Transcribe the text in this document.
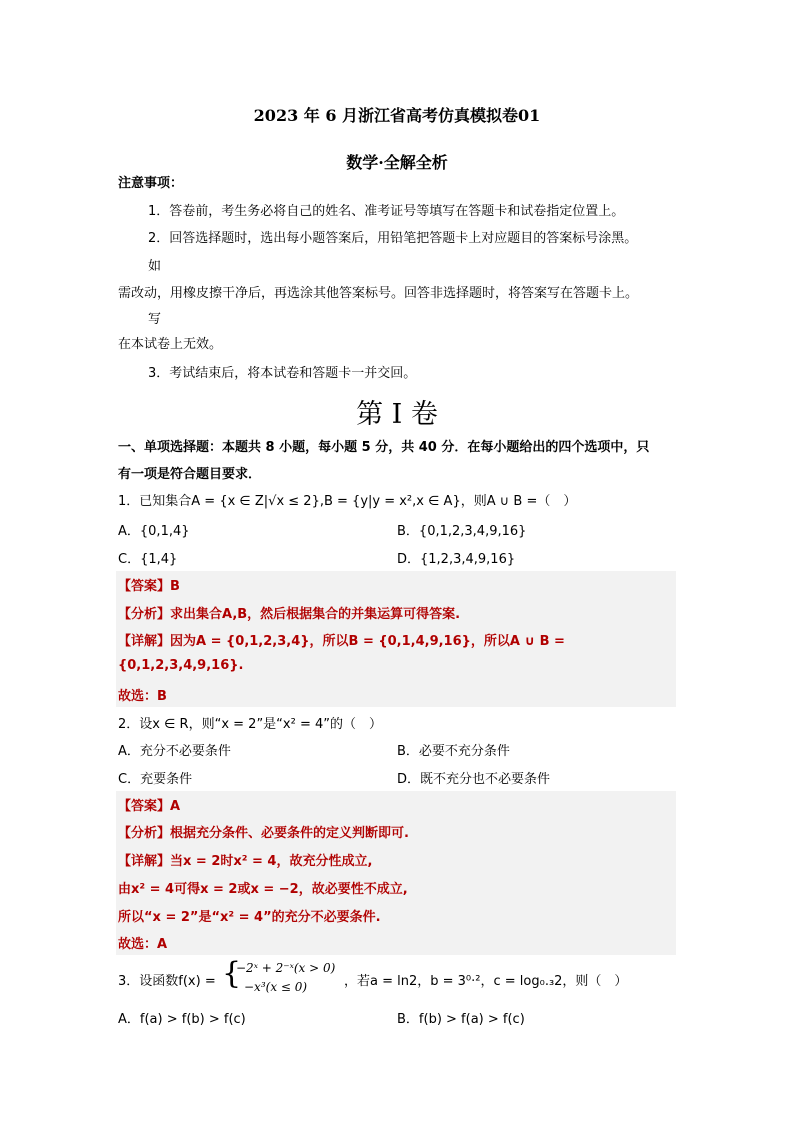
2023 年 6 月浙江省高考仿真模拟卷01
数学·全解全析
注意事项：
1．答卷前，考生务必将自己的姓名、准考证号等填写在答题卡和试卷指定位置上。
2．回答选择题时，选出每小题答案后，用铅笔把答题卡上对应题目的答案标号涂黑。
如
需改动，用橡皮擦干净后，再选涂其他答案标号。回答非选择题时，将答案写在答题卡上。
写
在本试卷上无效。
3．考试结束后，将本试卷和答题卡一并交回。
第 I 卷
一、单项选择题：本题共 8 小题，每小题 5 分，共 40 分．在每小题给出的四个选项中，只
有一项是符合题目要求．
1．已知集合A = {x ∈ Z|√x ≤ 2},B = {y|y = x²,x ∈ A}，则A ∪ B =（　）
A．{0,1,4}	B．{0,1,2,3,4,9,16}
C．{1,4}	D．{1,2,3,4,9,16}
【答案】B
【分析】求出集合A,B，然后根据集合的并集运算可得答案.
【详解】因为A = {0,1,2,3,4}，所以B = {0,1,4,9,16}，所以A ∪ B =
{0,1,2,3,4,9,16}.
故选：B
2．设x ∈ R，则“x = 2”是“x² = 4”的（　）
A．充分不必要条件	B．必要不充分条件
C．充要条件	D．既不充分也不必要条件
【答案】A
【分析】根据充分条件、必要条件的定义判断即可.
【详解】当x = 2时x² = 4，故充分性成立,
由x² = 4可得x = 2或x = −2，故必要性不成立,
所以“x = 2”是“x² = 4”的充分不必要条件.
故选：A
3．设函数f(x) = {
−2ˣ + 2⁻ˣ(x > 0)
−x³(x ≤ 0)	，若a = ln2，b = 3⁰·²，c = log₀.₃2，则（　）
A．f(a) > f(b) > f(c)	B．f(b) > f(a) > f(c)
